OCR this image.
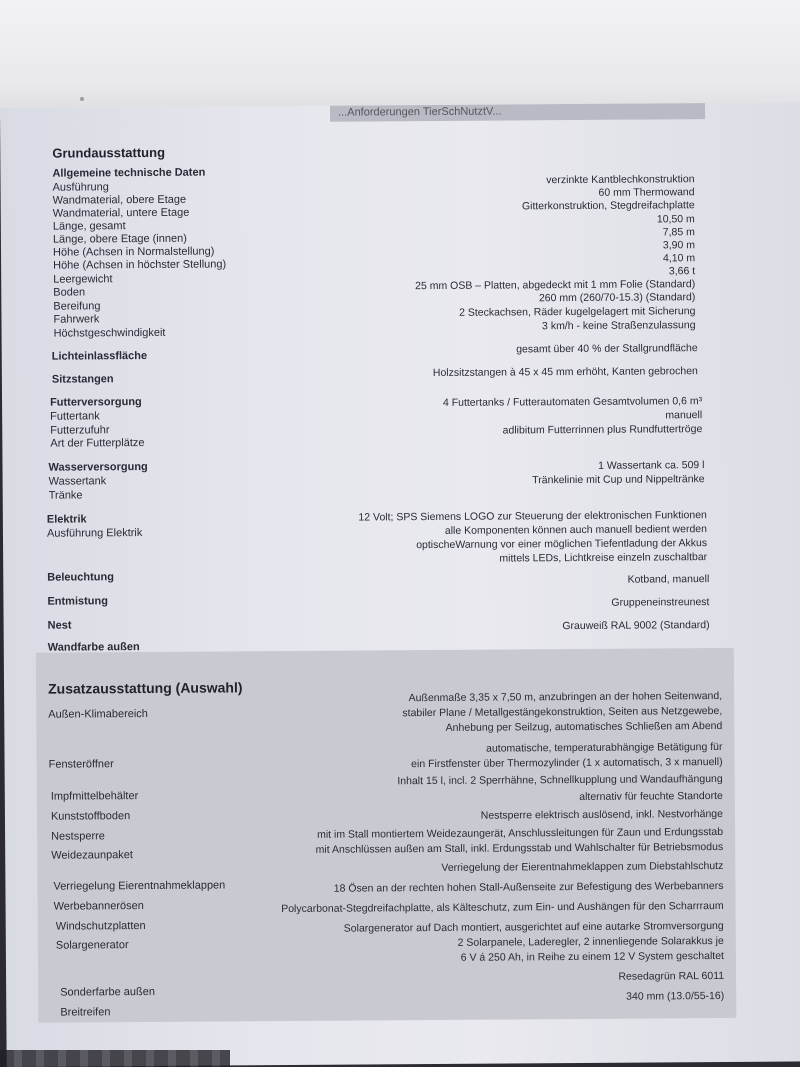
...Anforderungen TierSchNutztV...
Grundausstattung
Allgemeine technische Daten
Ausführung
Wandmaterial, obere Etage
Wandmaterial, untere Etage
Länge, gesamt
Länge, obere Etage (innen)
Höhe (Achsen in Normalstellung)
Höhe (Achsen in höchster Stellung)
Leergewicht
Boden
Bereifung
Fahrwerk
Höchstgeschwindigkeit
Lichteinlassfläche
Sitzstangen
Futterversorgung
Futtertank
Futterzufuhr
Art der Futterplätze
Wasserversorgung
Wassertank
Tränke
Elektrik
Ausführung Elektrik
Beleuchtung
Entmistung
Nest
Wandfarbe außen
verzinkte Kantblechkonstruktion
60 mm Thermowand
Gitterkonstruktion, Stegdreifachplatte
10,50 m
7,85 m
3,90 m
4,10 m
3,66 t
25 mm OSB – Platten, abgedeckt mit 1 mm Folie (Standard)
260 mm (260/70-15.3) (Standard)
2 Steckachsen, Räder kugelgelagert mit Sicherung
3 km/h - keine Straßenzulassung
gesamt über 40 % der Stallgrundfläche
Holzsitzstangen à 45 x 45 mm erhöht, Kanten gebrochen
4 Futtertanks / Futterautomaten Gesamtvolumen 0,6 m³
manuell
adlibitum Futterrinnen plus Rundfuttertröge
1 Wassertank ca. 509 l
Tränkelinie mit Cup und Nippeltränke
12 Volt; SPS Siemens LOGO zur Steuerung der elektronischen Funktionen
alle Komponenten können auch manuell bedient werden
optischeWarnung vor einer möglichen Tiefentladung der Akkus
mittels LEDs, Lichtkreise einzeln zuschaltbar
Kotband, manuell
Gruppeneinstreunest
Grauweiß RAL 9002 (Standard)
Zusatzausstattung (Auswahl)
Außen-Klimabereich
Fensteröffner
Impfmittelbehälter
Kunststoffboden
Nestsperre
Weidezaunpaket
Verriegelung Eierentnahmeklappen
Werbebannerösen
Windschutzplatten
Solargenerator
Sonderfarbe außen
Breitreifen
Außenmaße 3,35 x 7,50 m, anzubringen an der hohen Seitenwand,
stabiler Plane / Metallgestängekonstruktion, Seiten aus Netzgewebe,
Anhebung per Seilzug, automatisches Schließen am Abend
automatische, temperaturabhängige Betätigung für
ein Firstfenster über Thermozylinder (1 x automatisch, 3 x manuell)
Inhalt 15 l, incl. 2 Sperrhähne, Schnellkupplung und Wandaufhängung
alternativ für feuchte Standorte
Nestsperre elektrisch auslösend, inkl. Nestvorhänge
mit im Stall montiertem Weidezaungerät, Anschlussleitungen für Zaun und Erdungsstab
mit Anschlüssen außen am Stall, inkl. Erdungsstab und Wahlschalter für Betriebsmodus
Verriegelung der Eierentnahmeklappen zum Diebstahlschutz
18 Ösen an der rechten hohen Stall-Außenseite zur Befestigung des Werbebanners
Polycarbonat-Stegdreifachplatte, als Kälteschutz, zum Ein- und Aushängen für den Scharrraum
Solargenerator auf Dach montiert, ausgerichtet auf eine autarke Stromversorgung
2 Solarpanele, Laderegler, 2 innenliegende Solarakkus je
6 V á 250 Ah, in Reihe zu einem 12 V System geschaltet
Resedagrün RAL 6011
340 mm (13.0/55-16)
